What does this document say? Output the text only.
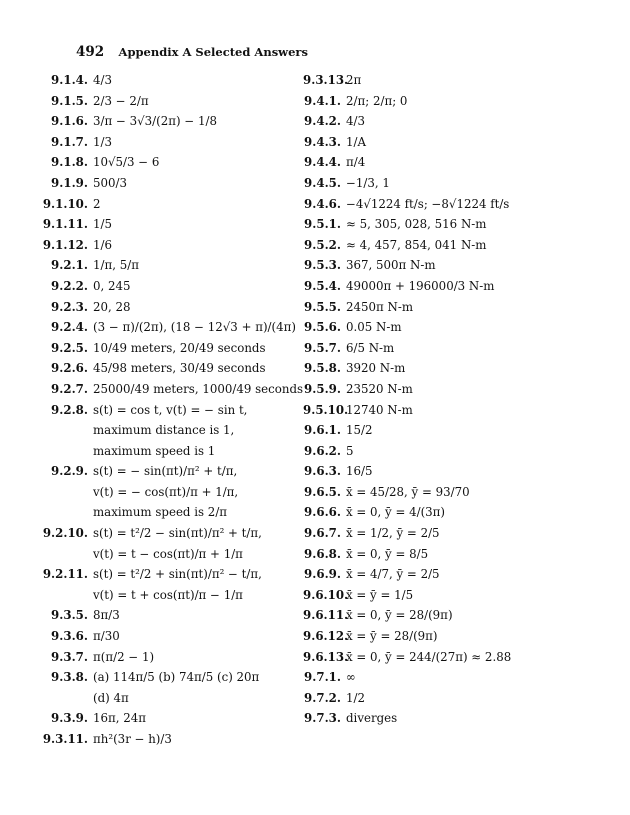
492 Appendix A Selected Answers
9.1.4. 4/3
9.1.5. 2/3 − 2/π
9.1.6. 3/π − 3√3/(2π) − 1/8
9.1.7. 1/3
9.1.8. 10√5/3 − 6
9.1.9. 500/3
9.1.10. 2
9.1.11. 1/5
9.1.12. 1/6
9.2.1. 1/π, 5/π
9.2.2. 0, 245
9.2.3. 20, 28
9.2.4. (3 − π)/(2π), (18 − 12√3 + π)/(4π)
9.2.5. 10/49 meters, 20/49 seconds
9.2.6. 45/98 meters, 30/49 seconds
9.2.7. 25000/49 meters, 1000/49 seconds
9.2.8. s(t) = cos t, v(t) = − sin t,
maximum distance is 1,
maximum speed is 1
9.2.9. s(t) = − sin(πt)/π² + t/π,
v(t) = − cos(πt)/π + 1/π,
maximum speed is 2/π
9.2.10. s(t) = t²/2 − sin(πt)/π² + t/π,
v(t) = t − cos(πt)/π + 1/π
9.2.11. s(t) = t²/2 + sin(πt)/π² − t/π,
v(t) = t + cos(πt)/π − 1/π
9.3.5. 8π/3
9.3.6. π/30
9.3.7. π(π/2 − 1)
9.3.8. (a) 114π/5 (b) 74π/5 (c) 20π
(d) 4π
9.3.9. 16π, 24π
9.3.11. πh²(3r − h)/3
9.3.13.
2π
9.4.1. 2/π; 2/π; 0
9.4.2. 4/3
9.4.3. 1/A
9.4.4. π/4
9.4.5. −1/3, 1
9.4.6. −4√1224 ft/s; −8√1224 ft/s
9.5.1. ≈ 5, 305, 028, 516 N-m
9.5.2. ≈ 4, 457, 854, 041 N-m
9.5.3. 367, 500π N-m
9.5.4. 49000π + 196000/3 N-m
9.5.5. 2450π N-m
9.5.6. 0.05 N-m
9.5.7. 6/5 N-m
9.5.8. 3920 N-m
9.5.9. 23520 N-m
9.5.10.
12740 N-m
9.6.1. 15/2
9.6.2. 5
9.6.3. 16/5
9.6.5. x̄ = 45/28, ȳ = 93/70
9.6.6. x̄ = 0, ȳ = 4/(3π)
9.6.7. x̄ = 1/2, ȳ = 2/5
9.6.8. x̄ = 0, ȳ = 8/5
9.6.9. x̄ = 4/7, ȳ = 2/5
9.6.10.
x̄ = ȳ = 1/5
9.6.11.
x̄ = 0, ȳ = 28/(9π)
9.6.12.
x̄ = ȳ = 28/(9π)
9.6.13.
x̄ = 0, ȳ = 244/(27π) ≈ 2.88
9.7.1. ∞
9.7.2. 1/2
9.7.3. diverges
